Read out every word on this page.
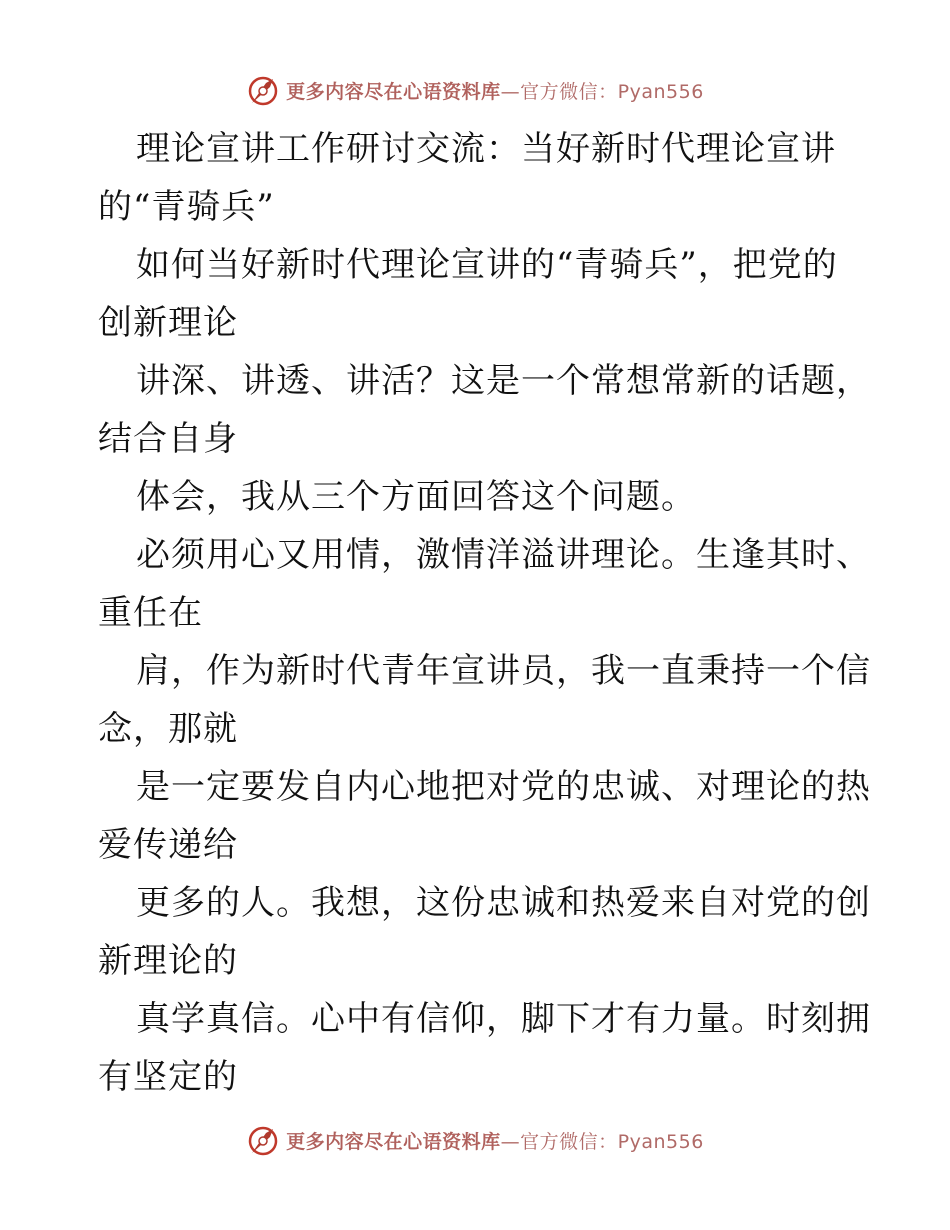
更多内容尽在心语资料库—官方微信：Pyan556
理论宣讲工作研讨交流：当好新时代理论宣讲
的“青骑兵”
如何当好新时代理论宣讲的“青骑兵”，把党的
创新理论
讲深、讲透、讲活？这是一个常想常新的话题，
结合自身
体会，我从三个方面回答这个问题。
必须用心又用情，激情洋溢讲理论。生逢其时、
重任在
肩，作为新时代青年宣讲员，我一直秉持一个信
念，那就
是一定要发自内心地把对党的忠诚、对理论的热
爱传递给
更多的人。我想，这份忠诚和热爱来自对党的创
新理论的
真学真信。心中有信仰，脚下才有力量。时刻拥
有坚定的
更多内容尽在心语资料库—官方微信：Pyan556
